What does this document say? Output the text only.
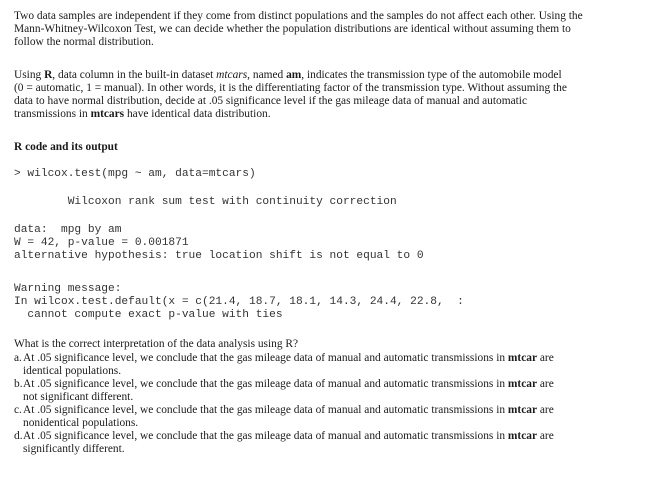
Two data samples are independent if they come from distinct populations and the samples do not affect each other. Using the
Mann-Whitney-Wilcoxon Test, we can decide whether the population distributions are identical without assuming them to
follow the normal distribution.
Using R, data column in the built-in dataset mtcars, named am, indicates the transmission type of the automobile model
(0 = automatic, 1 = manual). In other words, it is the differentiating factor of the transmission type. Without assuming the
data to have normal distribution, decide at .05 significance level if the gas mileage data of manual and automatic
transmissions in mtcars have identical data distribution.
R code and its output
> wilcox.test(mpg ~ am, data=mtcars)
Wilcoxon rank sum test with continuity correction
data:  mpg by am
W = 42, p-value = 0.001871
alternative hypothesis: true location shift is not equal to 0
Warning message:
In wilcox.test.default(x = c(21.4, 18.7, 18.1, 14.3, 24.4, 22.8,  :
cannot compute exact p-value with ties
What is the correct interpretation of the data analysis using R?
a. At .05 significance level, we conclude that the gas mileage data of manual and automatic transmissions in mtcar are
identical populations.
b. At .05 significance level, we conclude that the gas mileage data of manual and automatic transmissions in mtcar are
not significant different.
c. At .05 significance level, we conclude that the gas mileage data of manual and automatic transmissions in mtcar are
nonidentical populations.
d. At .05 significance level, we conclude that the gas mileage data of manual and automatic transmissions in mtcar are
significantly different.
